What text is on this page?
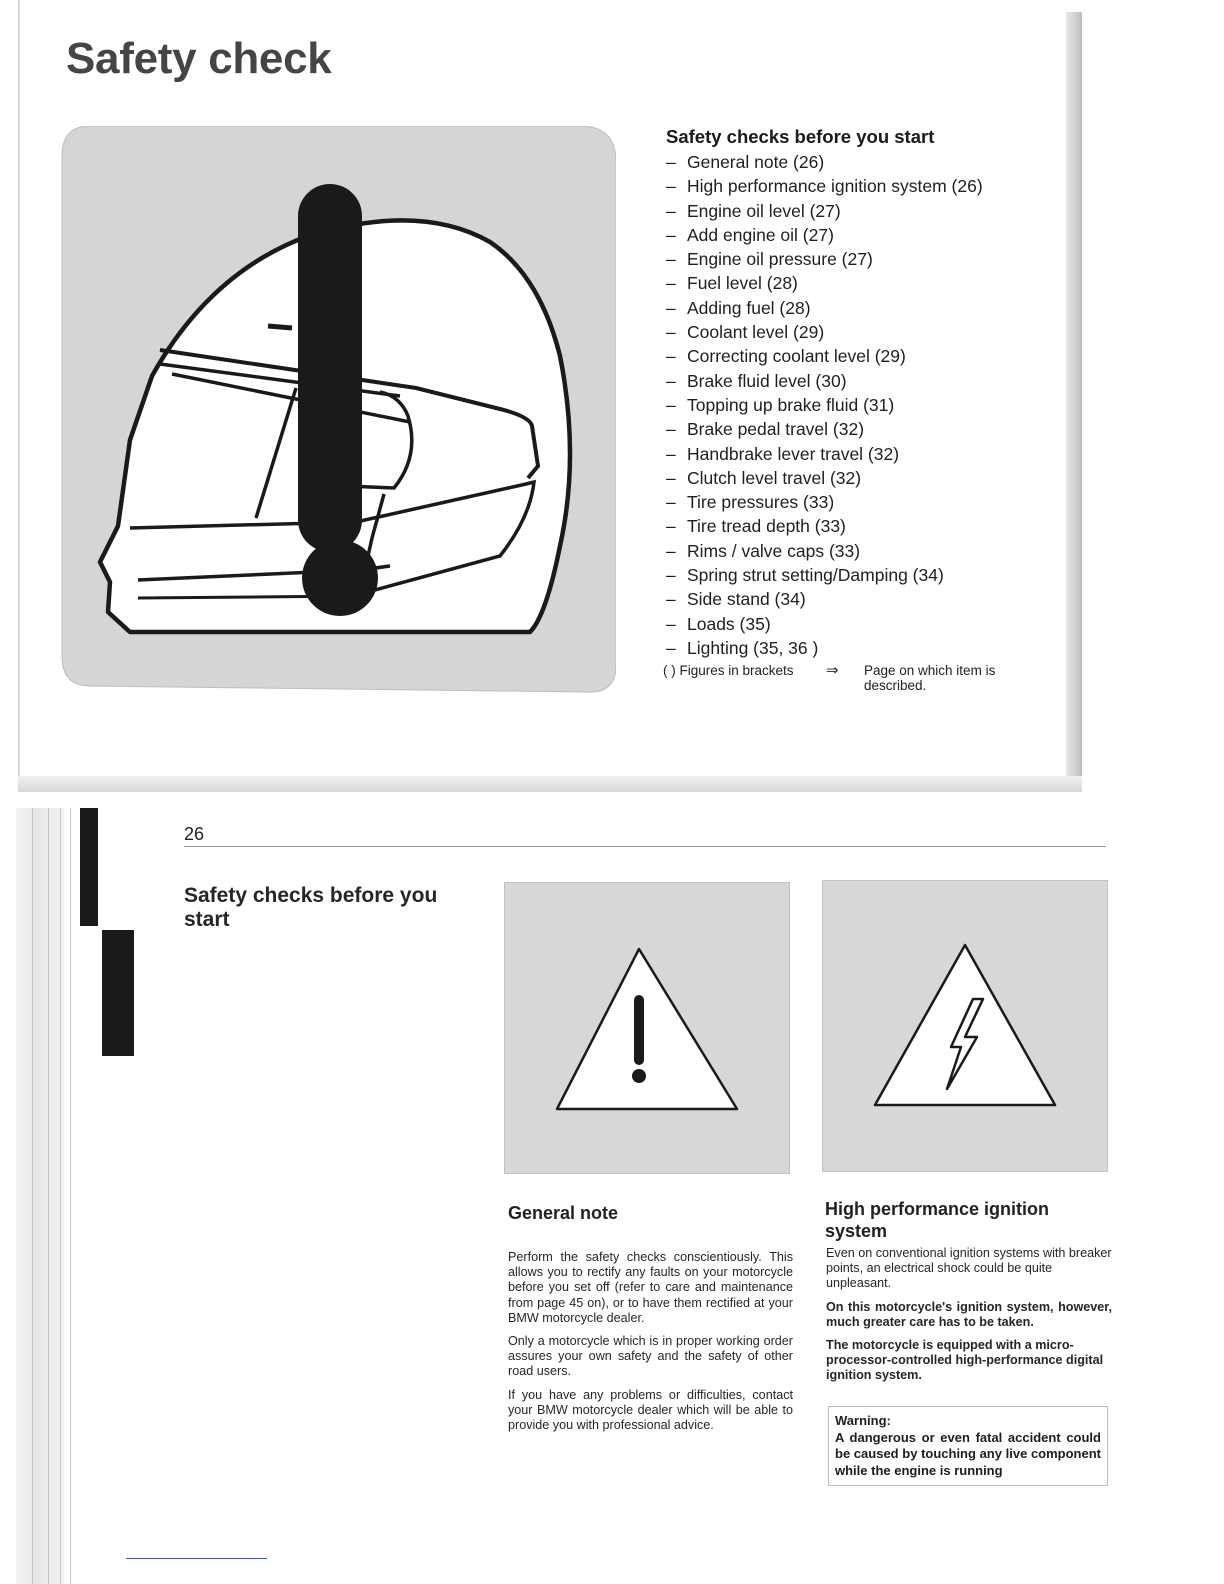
Safety check
Safety checks before you start
– General note (26)
– High performance ignition system (26)
– Engine oil level (27)
– Add engine oil (27)
– Engine oil pressure (27)
– Fuel level (28)
– Adding fuel (28)
– Coolant level (29)
– Correcting coolant level (29)
– Brake fluid level (30)
– Topping up brake fluid (31)
– Brake pedal travel (32)
– Handbrake lever travel (32)
– Clutch level travel (32)
– Tire pressures (33)
– Tire tread depth (33)
– Rims / valve caps (33)
– Spring strut setting/Damping (34)
– Side stand (34)
– Loads (35)
– Lighting (35, 36 )
( ) Figures in brackets ⇒ Page on which item is described.
26
Safety checks before you start
General note

Perform the safety checks conscientiously. This allows you to rectify any faults on your motorcycle before you set off (refer to care and maintenance from page 45 on), or to have them rectified at your BMW motorcycle dealer.

Only a motorcycle which is in proper working order assures your own safety and the safety of other road users.

If you have any problems or difficulties, contact your BMW motorcycle dealer which will be able to provide you with professional advice.

High performance ignition system

Even on conventional ignition systems with breaker points, an electrical shock could be quite unpleasant.

On this motorcycle's ignition system, however, much greater care has to be taken.

The motorcycle is equipped with a micro-processor-controlled high-performance digital ignition system.

Warning:
A dangerous or even fatal accident could be caused by touching any live component while the engine is running
